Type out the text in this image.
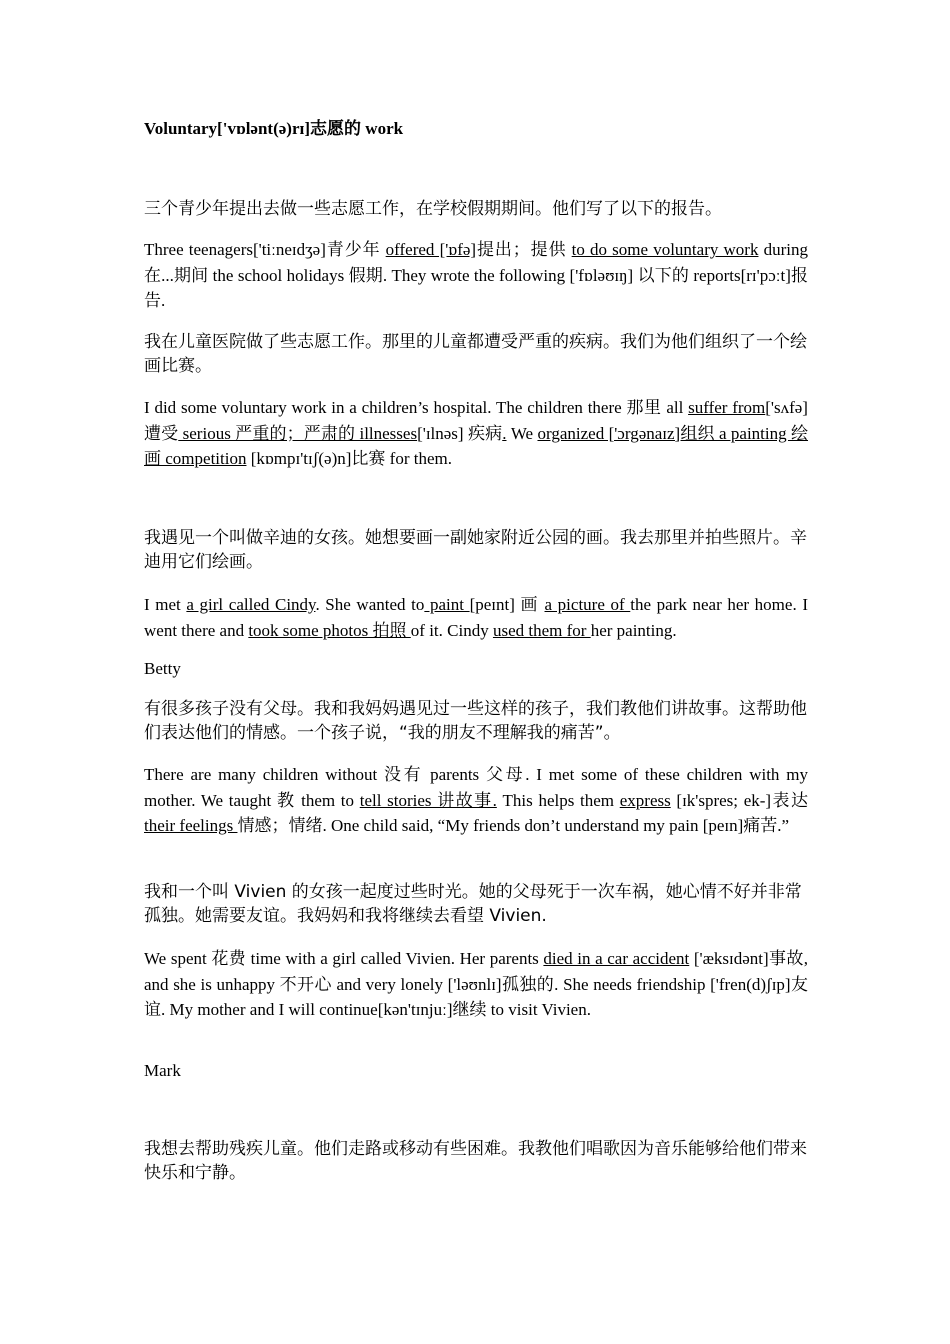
Voluntary['vɒlənt(ə)rɪ]志愿的 work

三个青少年提出去做一些志愿工作，在学校假期期间。他们写了以下的报告。

Three teenagers['tiːneɪdʒə]青少年 offered ['ɒfə]提出；提供 to do some voluntary work during 在...期间 the school holidays 假期. They wrote the following ['fɒləʊɪŋ] 以下的 reports[rɪ'pɔːt]报告.

我在儿童医院做了些志愿工作。那里的儿童都遭受严重的疾病。我们为他们组织了一个绘画比赛。

I did some voluntary work in a children’s hospital. The children there 那里 all suffer from['sʌfə] 遭受 serious 严重的；严肃的 illnesses['ɪlnəs] 疾病. We organized ['ɔrgənaɪz]组织 a painting 绘画 competition [kɒmpɪ'tɪʃ(ə)n]比赛 for them.

我遇见一个叫做辛迪的女孩。她想要画一副她家附近公园的画。我去那里并拍些照片。辛迪用它们绘画。

I met a girl called Cindy. She wanted to paint [peɪnt] 画 a picture of the park near her home. I went there and took some photos 拍照 of it. Cindy used them for her painting.

Betty

有很多孩子没有父母。我和我妈妈遇见过一些这样的孩子，我们教他们讲故事。这帮助他们表达他们的情感。一个孩子说，“我的朋友不理解我的痛苦”。

There are many children without 没有 parents 父母. I met some of these children with my mother. We taught 教 them to tell stories 讲故事. This helps them express [ɪk'spres; ek-]表达 their feelings 情感；情绪. One child said, “My friends don’t understand my pain [peɪn]痛苦.”

我和一个叫 Vivien 的女孩一起度过些时光。她的父母死于一次车祸，她心情不好并非常孤独。她需要友谊。我妈妈和我将继续去看望 Vivien.

We spent 花费 time with a girl called Vivien. Her parents died in a car accident ['æksɪdənt]事故, and she is unhappy 不开心 and very lonely ['ləʊnlɪ]孤独的. She needs friendship ['fren(d)ʃɪp]友谊. My mother and I will continue[kən'tɪnjuː]继续 to visit Vivien.

Mark

我想去帮助残疾儿童。他们走路或移动有些困难。我教他们唱歌因为音乐能够给他们带来快乐和宁静。
